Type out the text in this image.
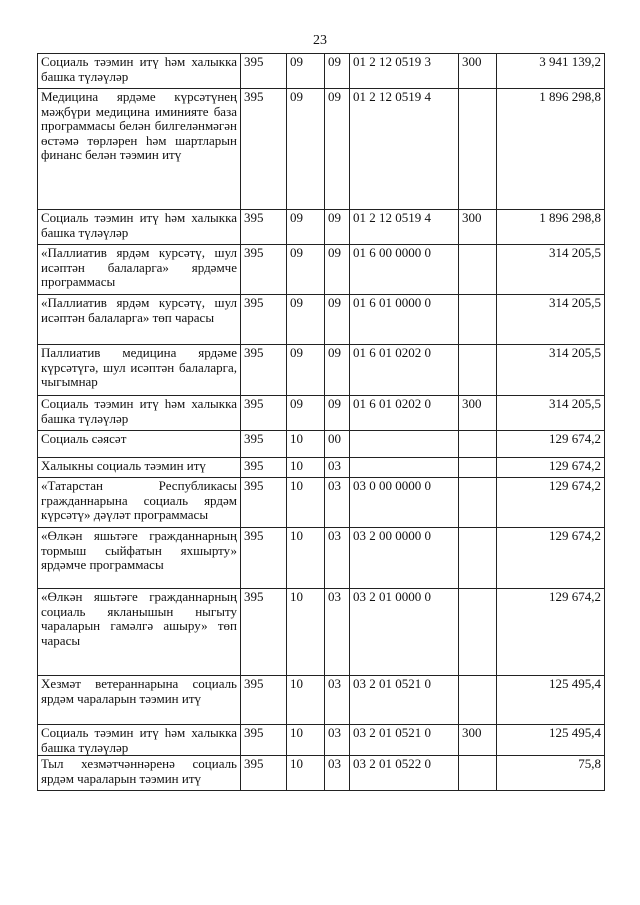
23
Социаль тәэмин итү һәм халыкка башка түләүләр	395	09	09	01 2 12 0519 3	300	3 941 139,2
Медицина ярдәме күрсәтүнең мәҗбүри медицина иминияте база программасы белән билгеләнмәгән өстәмә төрләрен һәм шартларын финанс белән тәэмин итү	395	09	09	01 2 12 0519 4		1 896 298,8
Социаль тәэмин итү һәм халыкка башка түләүләр	395	09	09	01 2 12 0519 4	300	1 896 298,8
«Паллиатив ярдәм курсәтү, шул исәптән балаларга» ярдәмче программасы	395	09	09	01 6 00 0000 0		314 205,5
«Паллиатив ярдәм курсәтү, шул исәптән балаларга» төп чарасы	395	09	09	01 6 01 0000 0		314 205,5
Паллиатив медицина ярдәме күрсәтүгә, шул исәптән балаларга, чыгымнар	395	09	09	01 6 01 0202 0		314 205,5
Социаль тәэмин итү һәм халыкка башка түләүләр	395	09	09	01 6 01 0202 0	300	314 205,5
Социаль сәясәт	395	10	00			129 674,2
Халыкны социаль тәэмин итү	395	10	03			129 674,2
«Татарстан Республикасы гражданнарына социаль ярдәм күрсәтү» дәүләт программасы	395	10	03	03 0 00 0000 0		129 674,2
«Өлкән яшьтәге гражданнарның тормыш сыйфатын яхшырту» ярдәмче программасы	395	10	03	03 2 00 0000 0		129 674,2
«Өлкән яшьтәге гражданнарның социаль якланышын ныгыту чараларын гамәлгә ашыру» төп чарасы	395	10	03	03 2 01 0000 0		129 674,2
Хезмәт ветераннарына социаль ярдәм чараларын тәэмин итү	395	10	03	03 2 01 0521 0		125 495,4
Социаль тәэмин итү һәм халыкка башка түләүләр	395	10	03	03 2 01 0521 0	300	125 495,4
Тыл хезмәтчәннәренә социаль ярдәм чараларын тәэмин итү	395	10	03	03 2 01 0522 0		75,8
